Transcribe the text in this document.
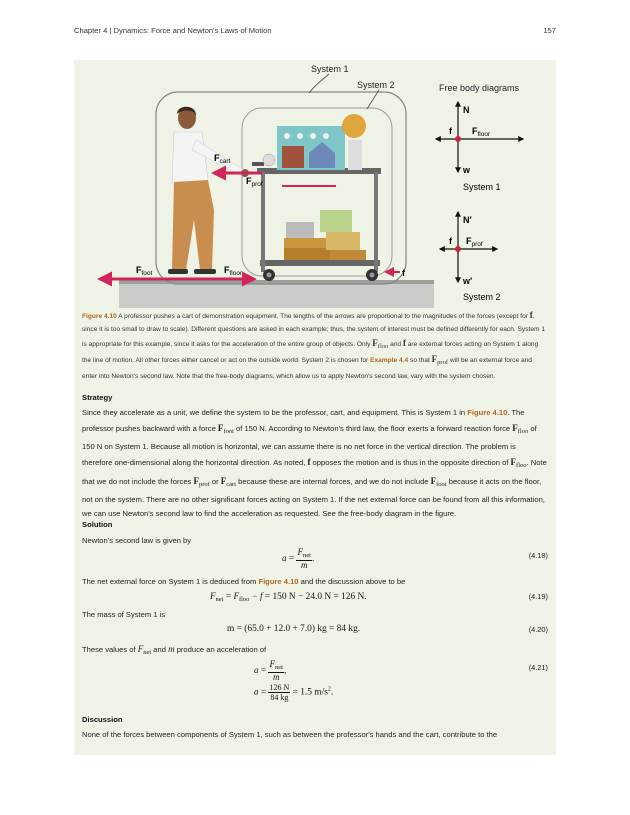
Chapter 4 | Dynamics: Force and Newton's Laws of Motion	157
System 1
System 2
$F_{cart}$
$F_{prof}$
$F_{foot}$	$F_{floor}$	f
Free body diagrams
N
f $F_{floor}$
w
System 1
N′
f $F_{prof}$
w′
System 2
Figure 4.10 A professor pushes a cart of demonstration equipment. The lengths of the arrows are proportional to the magnitudes of the forces (except for f, since it is too small to draw to scale). Different questions are asked in each example; thus, the system of interest must be defined differently for each. System 1 is appropriate for this example, since it asks for the acceleration of the entire group of objects. Only $F_{floo}$ and f are external forces acting on System 1 along the line of motion. All other forces either cancel or act on the outside world. System 2 is chosen for Example 4.4 so that $F_{prof}$ will be an external force and enter into Newton's second law. Note that the free-body diagrams, which allow us to apply Newton's second law, vary with the system chosen.
Strategy
Since they accelerate as a unit, we define the system to be the professor, cart, and equipment. This is System 1 in Figure 4.10. The professor pushes backward with a force $F_{foot}$ of 150 N. According to Newton's third law, the floor exerts a forward reaction force $F_{floo}$ of 150 N on System 1. Because all motion is horizontal, we can assume there is no net force in the vertical direction. The problem is therefore one-dimensional along the horizontal direction. As noted, f opposes the motion and is thus in the opposite direction of $F_{floo}$. Note that we do not include the forces $F_{prof}$ or $F_{cart}$ because these are internal forces, and we do not include $F_{foot}$ because it acts on the floor, not on the system. There are no other significant forces acting on System 1. If the net external force can be found from all this information, we can use Newton's second law to find the acceleration as requested. See the free-body diagram in the figure.
Solution
Newton's second law is given by
$a = \frac{F_{net}}{m}$ .	(4.18)
The net external force on System 1 is deduced from Figure 4.10 and the discussion above to be
$F_{net} = F_{floo} - f = 150$ N − 24.0 N = 126 N.	(4.19)
The mass of System 1 is
m = (65.0 + 12.0 + 7.0) kg = 84 kg.	(4.20)
These values of $F_{net}$ and m produce an acceleration of
$a = \frac{F_{net}}{m}$ ,
$a = \frac{126 N}{84 kg} = 1.5$ $m/s^2$.
(4.21)
Discussion
None of the forces between components of System 1, such as between the professor's hands and the cart, contribute to the
